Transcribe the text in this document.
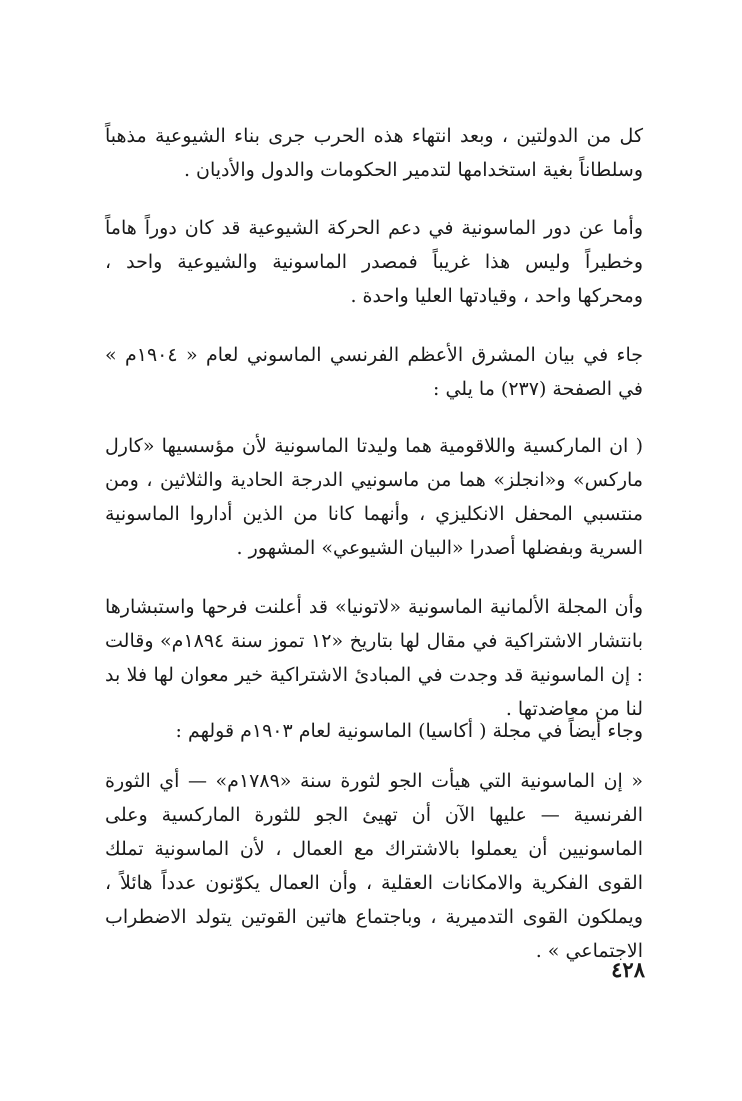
كل من الدولتين ، وبعد انتهاء هذه الحرب جرى بناء الشيوعية مذهباً وسلطاناً بغية استخدامها لتدمير الحكومات والدول والأديان .

وأما عن دور الماسونية في دعم الحركة الشيوعية قد كان دوراً هاماً وخطيراً وليس هذا غريباً فمصدر الماسونية والشيوعية واحد ، ومحركها واحد ، وقيادتها العليا واحدة .

جاء في بيان المشرق الأعظم الفرنسي الماسوني لعام « ١٩٠٤م » في الصفحة (٢٣٧) ما يلي :

( ان الماركسية واللاقومية هما وليدتا الماسونية لأن مؤسسيها «كارل ماركس» و«انجلز» هما من ماسونيي الدرجة الحادية والثلاثين ، ومن منتسبي المحفل الانكليزي ، وأنهما كانا من الذين أداروا الماسونية السرية وبفضلها أصدرا «البيان الشيوعي» المشهور .

وأن المجلة الألمانية الماسونية «لاتونيا» قد أعلنت فرحها واستبشارها بانتشار الاشتراكية في مقال لها بتاريخ «١٢ تموز سنة ١٨٩٤م» وقالت : إن الماسونية قد وجدت في المبادئ الاشتراكية خير معوان لها فلا بد لنا من معاضدتها .

وجاء أيضاً في مجلة ( أكاسيا) الماسونية لعام ١٩٠٣م قولهم :

« إن الماسونية التي هيأت الجو لثورة سنة «١٧٨٩م» — أي الثورة الفرنسية — عليها الآن أن تهيئ الجو للثورة الماركسية وعلى الماسونيين أن يعملوا بالاشتراك مع العمال ، لأن الماسونية تملك القوى الفكرية والامكانات العقلية ، وأن العمال يكوّنون عدداً هائلاً ، ويملكون القوى التدميرية ، وباجتماع هاتين القوتين يتولد الاضطراب الاجتماعي » .

٤٢٨
